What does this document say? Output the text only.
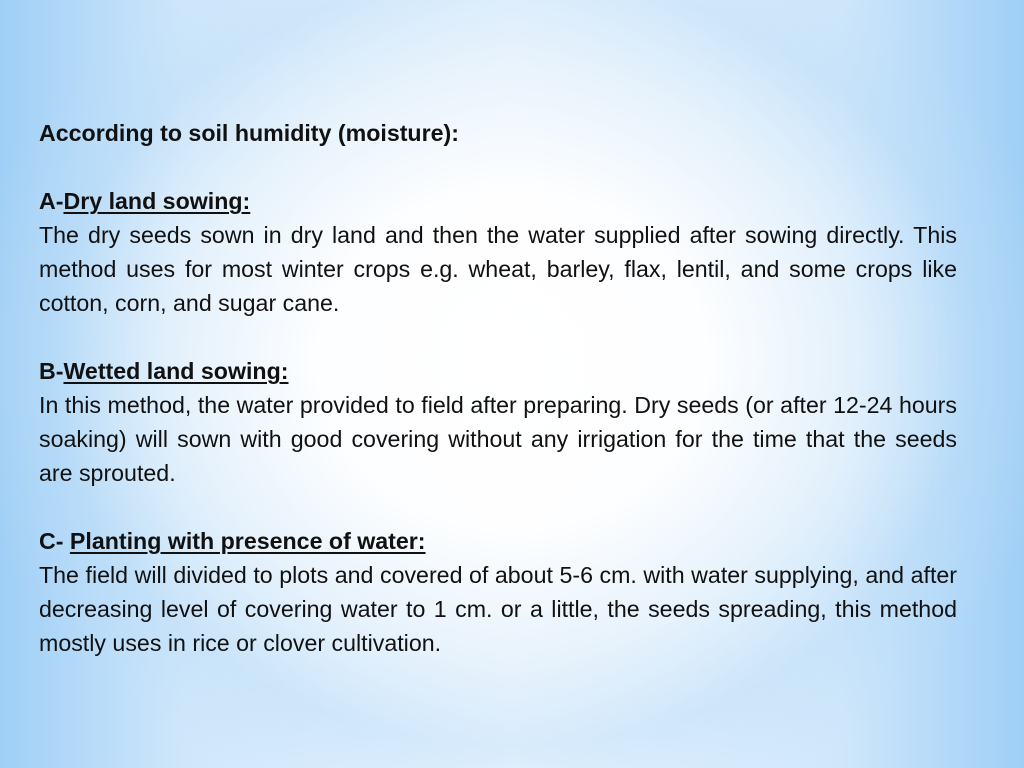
According to soil humidity (moisture):

A-Dry land sowing:

The dry seeds sown in dry land and then the water supplied after sowing directly. This method uses for most winter crops e.g. wheat, barley, flax, lentil, and some crops like cotton, corn, and sugar cane.

B-Wetted land sowing:

In this method, the water provided to field after preparing. Dry seeds (or after 12-24 hours soaking) will sown with good covering without any irrigation for the time that the seeds are sprouted.

C- Planting with presence of water:

The field will divided to plots and covered of about 5-6 cm. with water supplying, and after decreasing level of covering water to 1 cm. or a little, the seeds spreading, this method mostly uses in rice or clover cultivation.
